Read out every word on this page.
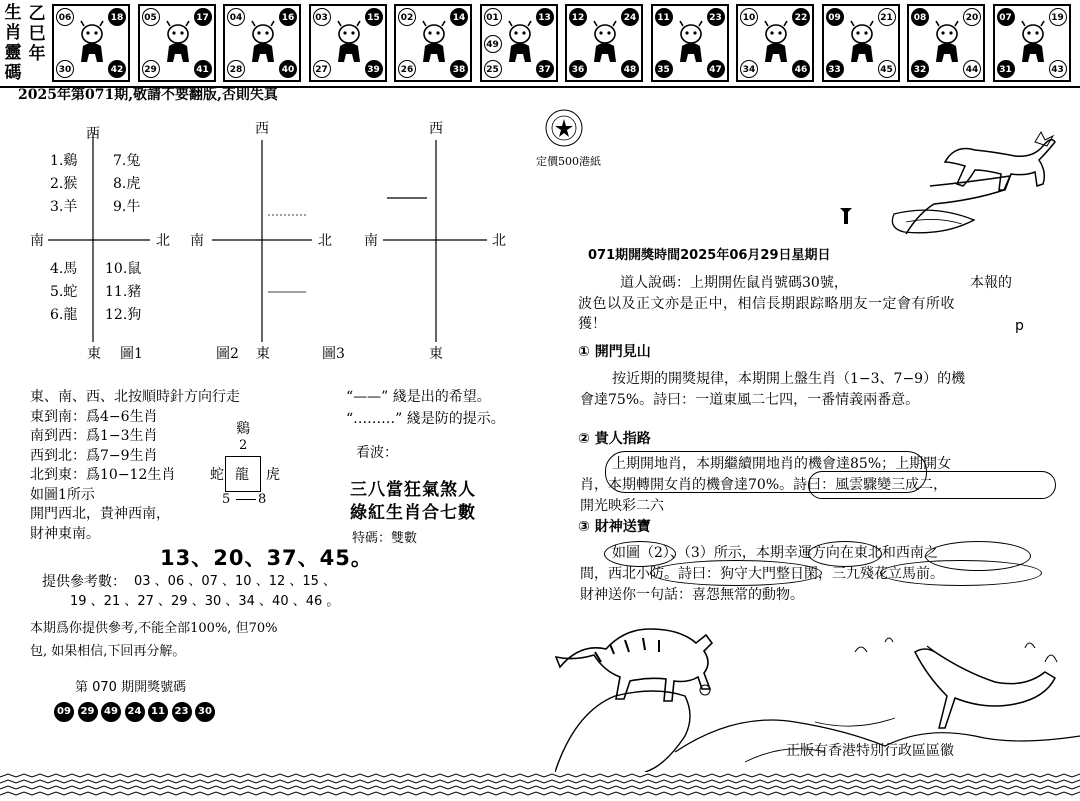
乙
巳
年
生
肖
靈
碼
06	18
30	42
05	17
29	41
04	16
28	40
03	15
27	39
02	14
26	38
01	13
25	37
49
12	24
36	48
11	23
35	47
10	22
34	46
09	21
33	45
08	20
32	44
07	19
31	43
2025年第071期,敬請不要翻版,否則失真
西
南	北
東 圖1
1.鷄
2.猴
3.羊
7.兔
8.虎
9.牛
4.馬
5.蛇
6.龍
10.鼠
11.豬
12.狗
西
南	北
圖2 東	圖3
西
南	北
東
東、南、西、北按順時針方向行走
東到南：爲4−6生肖
南到西：爲1−3生肖
西到北：爲7−9生肖
北到東：爲10−12生肖
如圖1所示
開門西北，貴神西南，
財神東南。
鷄
2
蛇 龍 虎
5 8
“——” 綫是出的希望。
“………” 綫是防的提示。
看波：
三八當狂氣煞人
綠紅生肖合七數
特碼：雙數
13、20、37、45。
提供參考數： 03 、06 、07 、10 、12 、15 、
19 、21 、27 、29 、30 、34 、40 、46 。
本期爲你提供參考,不能全部100%, 但70%
包, 如果相信,下回再分解。
第 070 期開獎號碼
09 29 49 24 11 23 30
定價500港紙
071期開獎時間2025年06月29日星期日
道人說碼：上期開佐鼠肖號碼30號，	本報的
波色以及正文亦是正中，相信長期跟踪略朋友一定會有所收
獲！	p
① 開門見山
按近期的開獎規律，本期開上盤生肖（1−3、7−9）的機
會達75%。詩曰：一道東風二七四，一番情義兩番意。
② 貴人指路
上期開地肖，本期繼續開地肖的機會達85%；上期開女
肖，本期轉開女肖的機會達70%。詩曰：風雲驟變三成二，
開光映彩二六
③ 財神送寶
如圖（2）、（3）所示，本期幸運方向在東北和西南之
間，西北小防。詩曰：狗守大門整日閑，三九殘花立馬前。
財神送你一句話：喜怨無常的動物。
正版有香港特別行政區區徽
